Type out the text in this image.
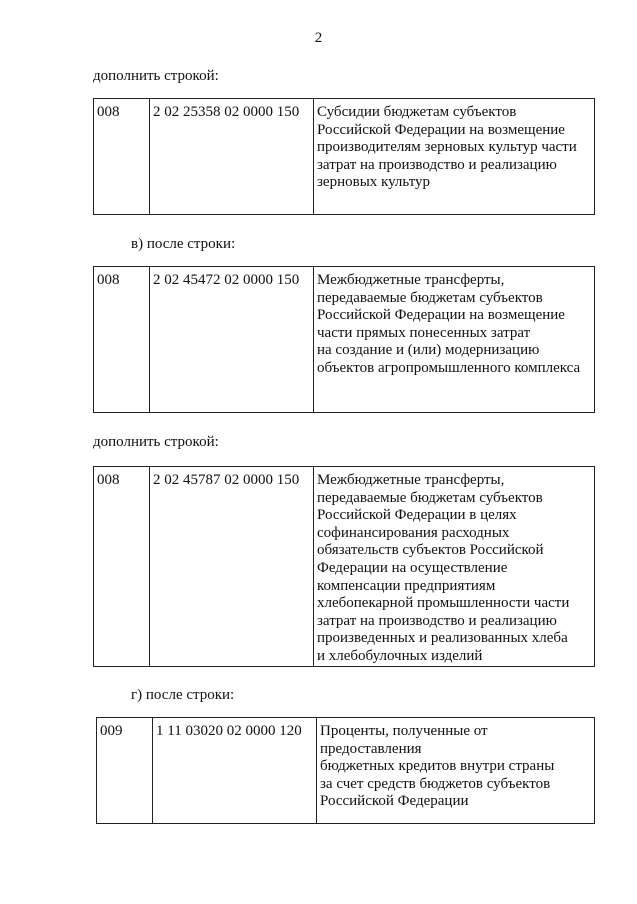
2
дополнить строкой:
008	2 02 25358 02 0000 150	Субсидии бюджетам субъектов
Российской Федерации на возмещение
производителям зерновых культур части
затрат на производство и реализацию
зерновых культур
в) после строки:
008	2 02 45472 02 0000 150	Межбюджетные трансферты,
передаваемые бюджетам субъектов
Российской Федерации на возмещение
части прямых понесенных затрат
на создание и (или) модернизацию
объектов агропромышленного комплекса
дополнить строкой:
008	2 02 45787 02 0000 150	Межбюджетные трансферты,
передаваемые бюджетам субъектов
Российской Федерации в целях
софинансирования расходных
обязательств субъектов Российской
Федерации на осуществление
компенсации предприятиям
хлебопекарной промышленности части
затрат на производство и реализацию
произведенных и реализованных хлеба
и хлебобулочных изделий
г) после строки:
009	1 11 03020 02 0000 120	Проценты, полученные от предоставления
бюджетных кредитов внутри страны
за счет средств бюджетов субъектов
Российской Федерации
